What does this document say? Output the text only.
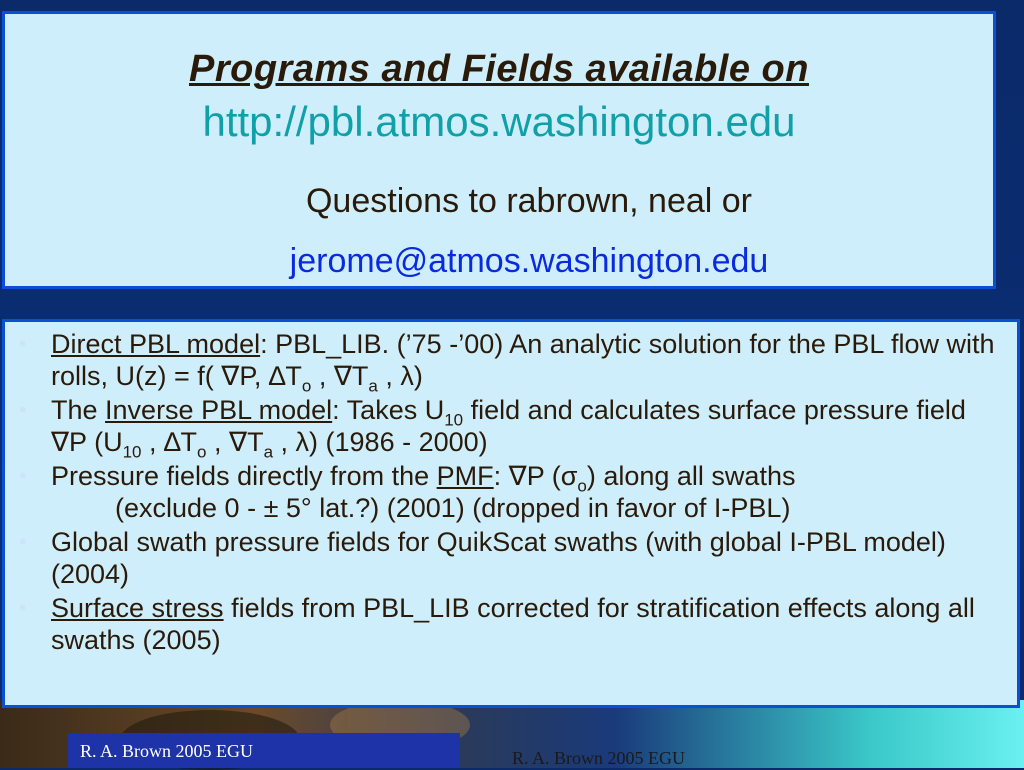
Programs and Fields available on
http://pbl.atmos.washington.edu
Questions to rabrown, neal or
jerome@atmos.washington.edu
• Direct PBL model: PBL_LIB. (’75 -’00) An analytic solution for the PBL flow with rolls, U(z) = f( ∇P, $\Delta T_o$ , $\nabla T_a$ , λ)
• The Inverse PBL model: Takes $U_{10}$ field and calculates surface pressure field ∇P ($U_{10}$ , $\Delta T_o$ , $\nabla T_a$ , λ) (1986 - 2000)
• Pressure fields directly from the PMF: ∇P $(\sigma_o)$ along all swaths
(exclude 0 - ± 5° lat.?) (2001) (dropped in favor of I-PBL)
• Global swath pressure fields for QuikScat swaths (with global I-PBL model) (2004)
• Surface stress fields from PBL_LIB corrected for stratification effects along all swaths (2005)
R. A. Brown 2005 EGU	R. A. Brown 2005 EGU
